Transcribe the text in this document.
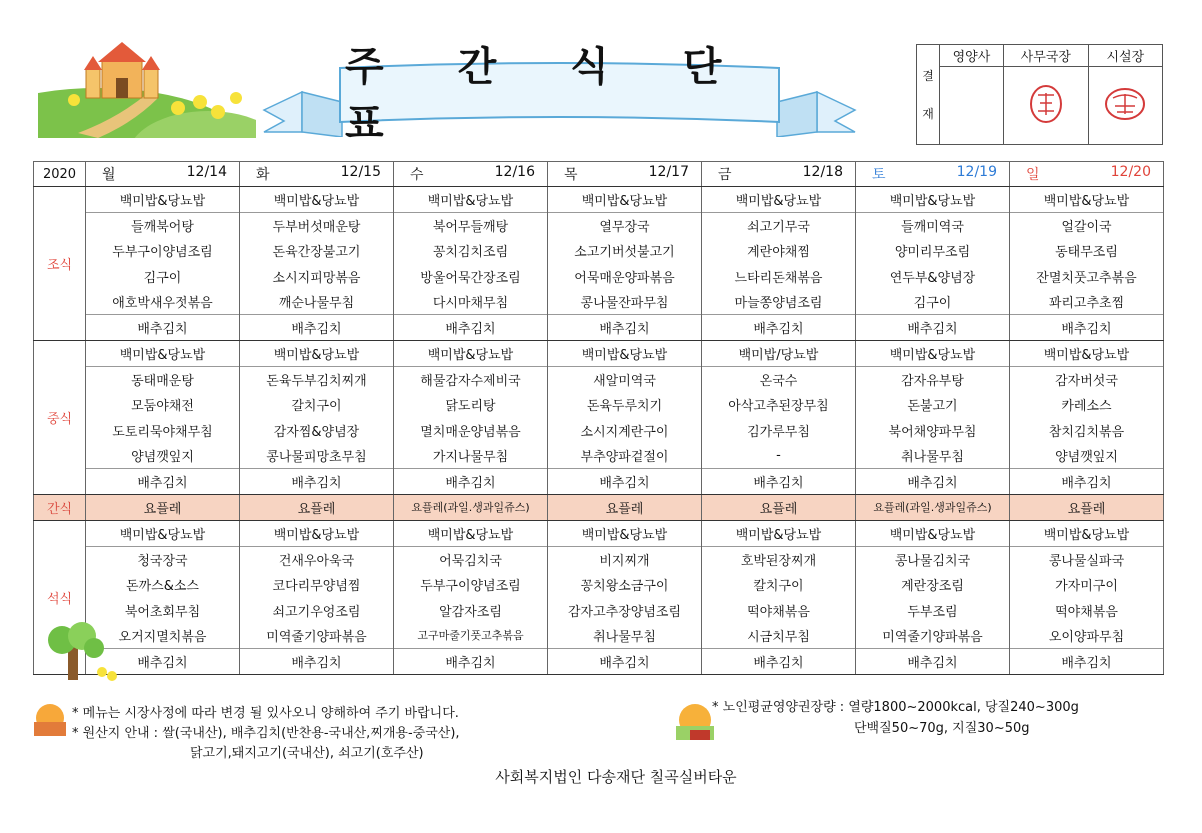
주 간 식 단 표
결
재	영양사	사무국장	시설장

2020	월 12/14	화 12/15	수 12/16	목 12/17	금 12/18	토 12/19	일 12/20

조식	백미밥&당뇨밥	백미밥&당뇨밥	백미밥&당뇨밥	백미밥&당뇨밥	백미밥&당뇨밥	백미밥&당뇨밥	백미밥&당뇨밥
	들깨북어탕	두부버섯매운탕	북어무들깨탕	열무장국	쇠고기무국	들깨미역국	얼갈이국
	두부구이양념조림	돈육간장불고기	꽁치김치조림	소고기버섯불고기	계란야채찜	양미리무조림	동태무조림
	김구이	소시지피망볶음	방울어묵간장조림	어묵매운양파볶음	느타리돈채볶음	연두부&양념장	잔멸치풋고추볶음
	애호박새우젓볶음	깨순나물무침	다시마채무침	콩나물잔파무침	마늘쫑양념조림	김구이	꽈리고추초찜
	배추김치	배추김치	배추김치	배추김치	배추김치	배추김치	배추김치
중식	백미밥&당뇨밥	백미밥&당뇨밥	백미밥&당뇨밥	백미밥&당뇨밥	백미밥/당뇨밥	백미밥&당뇨밥	백미밥&당뇨밥
	동태매운탕	돈육두부김치찌개	해물감자수제비국	새알미역국	온국수	감자유부탕	감자버섯국
	모둠야채전	갈치구이	닭도리탕	돈육두루치기	아삭고추된장무침	돈불고기	카레소스
	도토리묵야채무침	감자찜&양념장	멸치매운양념볶음	소시지계란구이	김가루무침	북어채양파무침	참치김치볶음
	양념깻잎지	콩나물피망초무침	가지나물무침	부추양파겉절이	-	취나물무침	양념깻잎지
	배추김치	배추김치	배추김치	배추김치	배추김치	배추김치	배추김치
간식	요플레	요플레	요플레(과일.생과일쥬스)	요플레	요플레	요플레(과일.생과일쥬스)	요플레
석식	백미밥&당뇨밥	백미밥&당뇨밥	백미밥&당뇨밥	백미밥&당뇨밥	백미밥&당뇨밥	백미밥&당뇨밥	백미밥&당뇨밥
	청국장국	건새우아욱국	어묵김치국	비지찌개	호박된장찌개	콩나물김치국	콩나물실파국
	돈까스&소스	코다리무양념찜	두부구이양념조림	꽁치왕소금구이	칼치구이	계란장조림	가자미구이
	북어초회무침	쇠고기우엉조림	알감자조림	감자고추장양념조림	떡야채볶음	두부조림	떡야채볶음
	오거지멸치볶음	미역줄기양파볶음	고구마줄기풋고추볶음	취나물무침	시금치무침	미역줄기양파볶음	오이양파무침
	배추김치	배추김치	배추김치	배추김치	배추김치	배추김치	배추김치

* 메뉴는 시장사정에 따라 변경 될 있사오니 양해하여 주기 바랍니다.

* 원산지 안내 : 쌀(국내산), 배추김치(반찬용-국내산,찌개용-중국산),

닭고기,돼지고기(국내산), 쇠고기(호주산)

* 노인평균영양권장량 : 열량1800~2000kcal, 당질240~300g

단백질50~70g, 지질30~50g

사회복지법인 다송재단 칠곡실버타운
